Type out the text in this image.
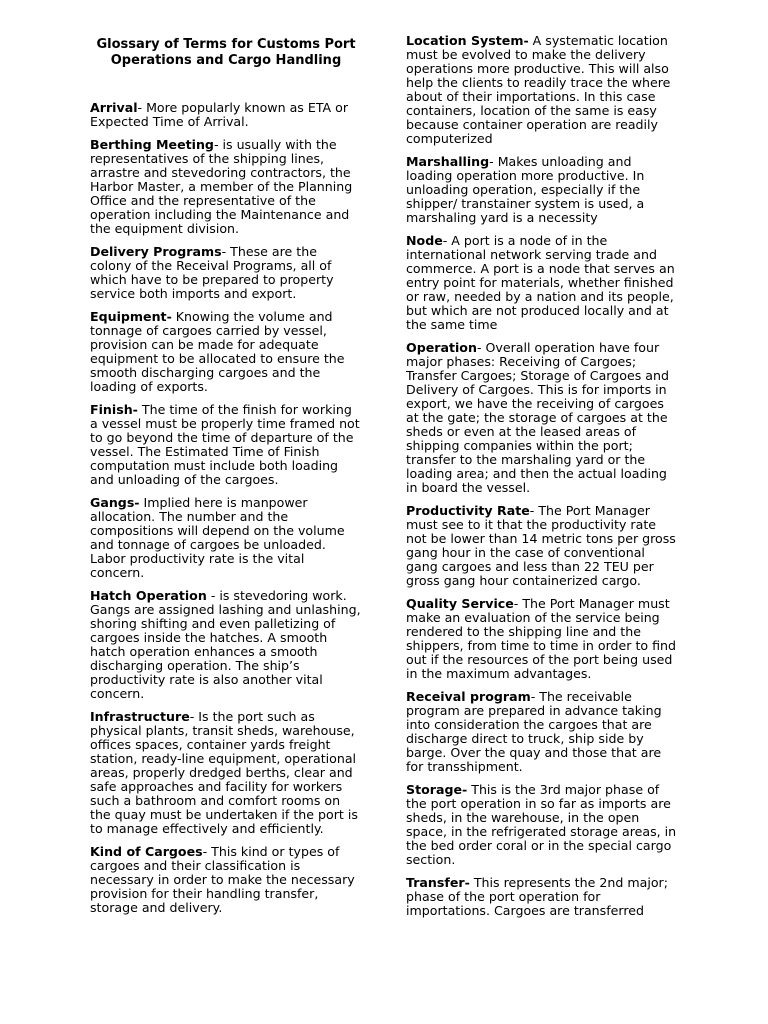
Glossary of Terms for Customs Port Operations and Cargo Handling

Arrival- More popularly known as ETA or Expected Time of Arrival.

Berthing Meeting- is usually with the representatives of the shipping lines, arrastre and stevedoring contractors, the Harbor Master, a member of the Planning Office and the representative of the operation including the Maintenance and the equipment division.

Delivery Programs- These are the colony of the Receival Programs, all of which have to be prepared to property service both imports and export.

Equipment- Knowing the volume and tonnage of cargoes carried by vessel, provision can be made for adequate equipment to be allocated to ensure the smooth discharging cargoes and the loading of exports.

Finish- The time of the finish for working a vessel must be properly time framed not to go beyond the time of departure of the vessel. The Estimated Time of Finish computation must include both loading and unloading of the cargoes.

Gangs- Implied here is manpower allocation. The number and the compositions will depend on the volume and tonnage of cargoes be unloaded. Labor productivity rate is the vital concern.

Hatch Operation - is stevedoring work. Gangs are assigned lashing and unlashing, shoring shifting and even palletizing of cargoes inside the hatches. A smooth hatch operation enhances a smooth discharging operation. The ship’s productivity rate is also another vital concern.

Infrastructure- Is the port such as physical plants, transit sheds, warehouse, offices spaces, container yards freight station, ready-line equipment, operational areas, properly dredged berths, clear and safe approaches and facility for workers such a bathroom and comfort rooms on the quay must be undertaken if the port is to manage effectively and efficiently.

Kind of Cargoes- This kind or types of cargoes and their classification is necessary in order to make the necessary provision for their handling transfer, storage and delivery.

Location System- A systematic location must be evolved to make the delivery operations more productive. This will also help the clients to readily trace the where about of their importations. In this case containers, location of the same is easy because container operation are readily computerized

Marshalling- Makes unloading and loading operation more productive. In unloading operation, especially if the shipper/ transtainer system is used, a marshaling yard is a necessity

Node- A port is a node of in the international network serving trade and commerce. A port is a node that serves an entry point for materials, whether finished or raw, needed by a nation and its people, but which are not produced locally and at the same time

Operation- Overall operation have four major phases: Receiving of Cargoes; Transfer Cargoes; Storage of Cargoes and Delivery of Cargoes. This is for imports in export, we have the receiving of cargoes at the gate; the storage of cargoes at the sheds or even at the leased areas of shipping companies within the port; transfer to the marshaling yard or the loading area; and then the actual loading in board the vessel.

Productivity Rate- The Port Manager must see to it that the productivity rate not be lower than 14 metric tons per gross gang hour in the case of conventional gang cargoes and less than 22 TEU per gross gang hour containerized cargo.

Quality Service- The Port Manager must make an evaluation of the service being rendered to the shipping line and the shippers, from time to time in order to find out if the resources of the port being used in the maximum advantages.

Receival program- The receivable program are prepared in advance taking into consideration the cargoes that are discharge direct to truck, ship side by barge. Over the quay and those that are for transshipment.

Storage- This is the 3rd major phase of the port operation in so far as imports are sheds, in the warehouse, in the open space, in the refrigerated storage areas, in the bed order coral or in the special cargo section.

Transfer- This represents the 2nd major; phase of the port operation for importations. Cargoes are transferred
